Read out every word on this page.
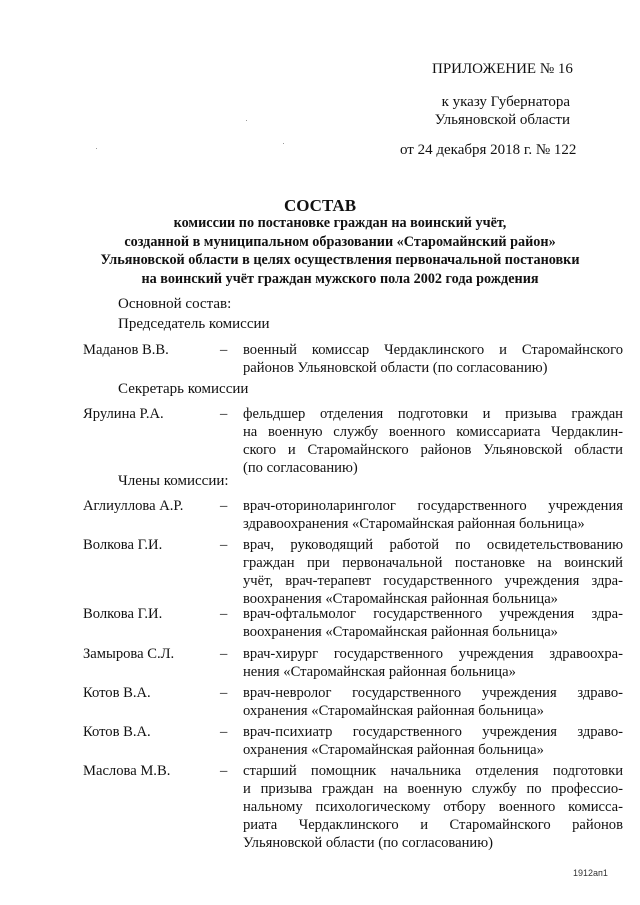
ПРИЛОЖЕНИЕ № 16
к указу Губернатора
Ульяновской области
от 24 декабря 2018 г. № 122
СОСТАВ
комиссии по постановке граждан на воинский учёт,
созданной в муниципальном образовании «Старомайнский район»
Ульяновской области в целях осуществления первоначальной постановки
на воинский учёт граждан мужского пола 2002 года рождения
Основной состав:
Председатель комиссии
Маданов В.В.	– военный комиссар Чердаклинского и Старомайнского
районов Ульяновской области (по согласованию)
Секретарь комиссии
Ярулина Р.А.	– фельдшер отделения подготовки и призыва граждан
на военную службу военного комиссариата Чердаклин-
ского и Старомайнского районов Ульяновской области
(по согласованию)
Члены комиссии:
Аглиуллова А.Р.	– врач-оториноларинголог государственного учреждения
здравоохранения «Старомайнская районная больница»
Волкова Г.И.	– врач, руководящий работой по освидетельствованию
граждан при первоначальной постановке на воинский
учёт, врач-терапевт государственного учреждения здра-
воохранения «Старомайнская районная больница»
Волкова Г.И.	– врач-офтальмолог государственного учреждения здра-
воохранения «Старомайнская районная больница»
Замырова С.Л.	– врач-хирург государственного учреждения здравоохра-
нения «Старомайнская районная больница»
Котов В.А.	– врач-невролог государственного учреждения здраво-
охранения «Старомайнская районная больница»
Котов В.А.	– врач-психиатр государственного учреждения здраво-
охранения «Старомайнская районная больница»
Маслова М.В.	– старший помощник начальника отделения подготовки
и призыва граждан на военную службу по профессио-
нальному психологическому отбору военного комисса-
риата Чердаклинского и Старомайнского районов
Ульяновской области (по согласованию)
1912ап1
